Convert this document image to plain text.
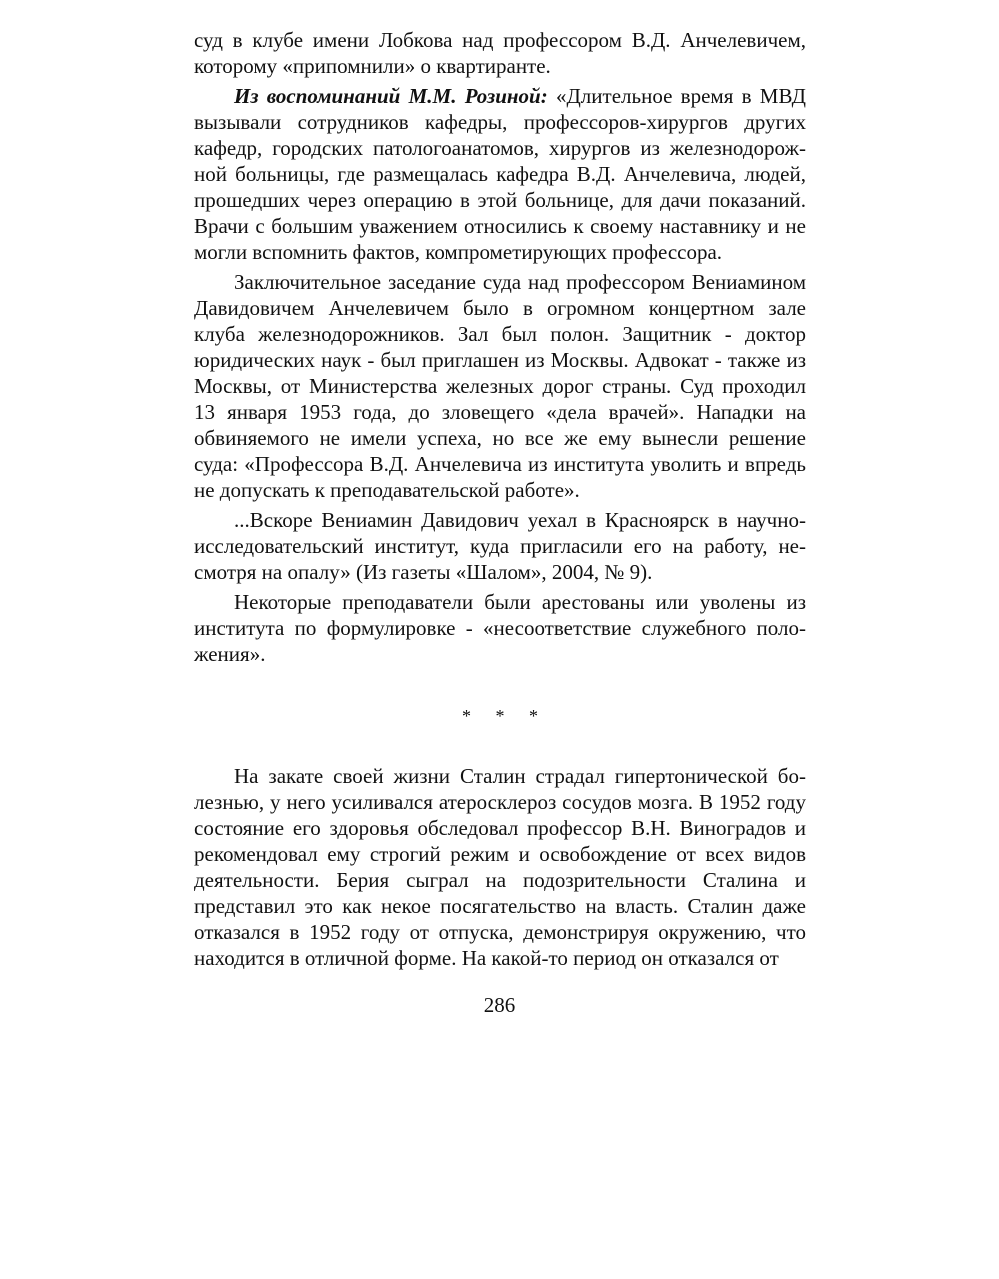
суд в клубе имени Лобкова над профессором В.Д. Анчелевичем, которому «припомнили» о квартиранте.

Из воспоминаний М.М. Розиной: «Длительное время в МВД вызывали сотрудников кафедры, профессоров-хирургов других кафедр, городских патологоанатомов, хирургов из железнодорожной больницы, где размещалась кафедра В.Д. Анчелевича, людей, прошедших через операцию в этой больнице, для дачи показаний. Врачи с большим уважением относились к своему наставнику и не могли вспомнить фактов, компрометирующих профессора.

Заключительное заседание суда над профессором Вениамином Давидовичем Анчелевичем было в огромном концертном зале клуба железнодорожников. Зал был полон. Защитник - доктор юридических наук - был приглашен из Москвы. Адвокат - также из Москвы, от Министерства железных дорог страны. Суд проходил 13 января 1953 года, до зловещего «дела врачей». Нападки на обвиняемого не имели успеха, но все же ему вынесли решение суда: «Профессора В.Д. Анчелевича из института уволить и впредь не допускать к преподавательской работе».

...Вскоре Вениамин Давидович уехал в Красноярск в научноисследовательский институт, куда пригласили его на работу, несмотря на опалу» (Из газеты «Шалом», 2004, № 9).

Некоторые преподаватели были арестованы или уволены из института по формулировке - «несоответствие служебного положения».

* * *

На закате своей жизни Сталин страдал гипертонической болезнью, у него усиливался атеросклероз сосудов мозга. В 1952 году состояние его здоровья обследовал профессор В.Н. Виноградов и рекомендовал ему строгий режим и освобождение от всех видов деятельности. Берия сыграл на подозрительности Сталина и представил это как некое посягательство на власть. Сталин даже отказался в 1952 году от отпуска, демонстрируя окружению, что находится в отличной форме. На какой-то период он отказался от

286
